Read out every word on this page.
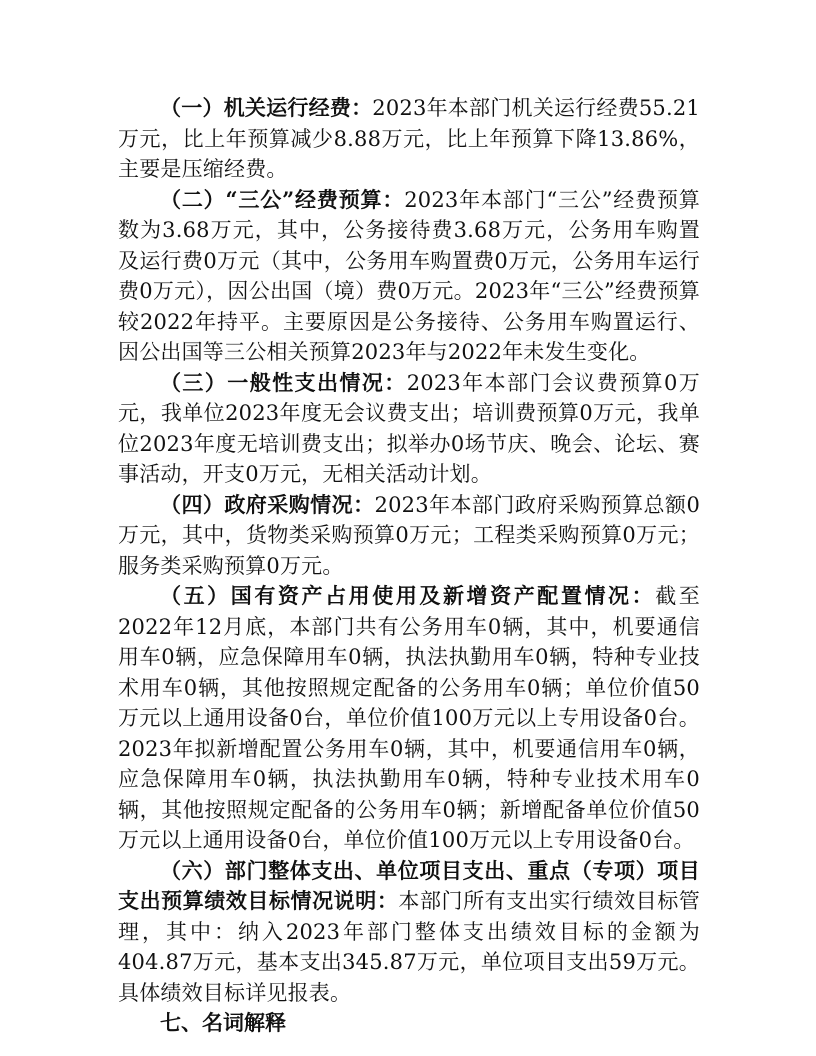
（一）机关运行经费：2023年本部门机关运行经费55.21万元，比上年预算减少8.88万元，比上年预算下降13.86%，主要是压缩经费。

（二）“三公”经费预算：2023年本部门“三公”经费预算数为3.68万元，其中，公务接待费3.68万元，公务用车购置及运行费0万元（其中，公务用车购置费0万元，公务用车运行费0万元），因公出国（境）费0万元。2023年“三公”经费预算较2022年持平。主要原因是公务接待、公务用车购置运行、因公出国等三公相关预算2023年与2022年未发生变化。

（三）一般性支出情况：2023年本部门会议费预算0万元，我单位2023年度无会议费支出；培训费预算0万元，我单位2023年度无培训费支出；拟举办0场节庆、晚会、论坛、赛事活动，开支0万元，无相关活动计划。

（四）政府采购情况：2023年本部门政府采购预算总额0万元，其中，货物类采购预算0万元；工程类采购预算0万元；服务类采购预算0万元。

（五）国有资产占用使用及新增资产配置情况：截至2022年12月底，本部门共有公务用车0辆，其中，机要通信用车0辆，应急保障用车0辆，执法执勤用车0辆，特种专业技术用车0辆，其他按照规定配备的公务用车0辆；单位价值50万元以上通用设备0台，单位价值100万元以上专用设备0台。2023年拟新增配置公务用车0辆，其中，机要通信用车0辆，应急保障用车0辆，执法执勤用车0辆，特种专业技术用车0辆，其他按照规定配备的公务用车0辆；新增配备单位价值50万元以上通用设备0台，单位价值100万元以上专用设备0台。

（六）部门整体支出、单位项目支出、重点（专项）项目支出预算绩效目标情况说明：本部门所有支出实行绩效目标管理，其中：纳入2023年部门整体支出绩效目标的金额为404.87万元，基本支出345.87万元，单位项目支出59万元。具体绩效目标详见报表。

七、名词解释
